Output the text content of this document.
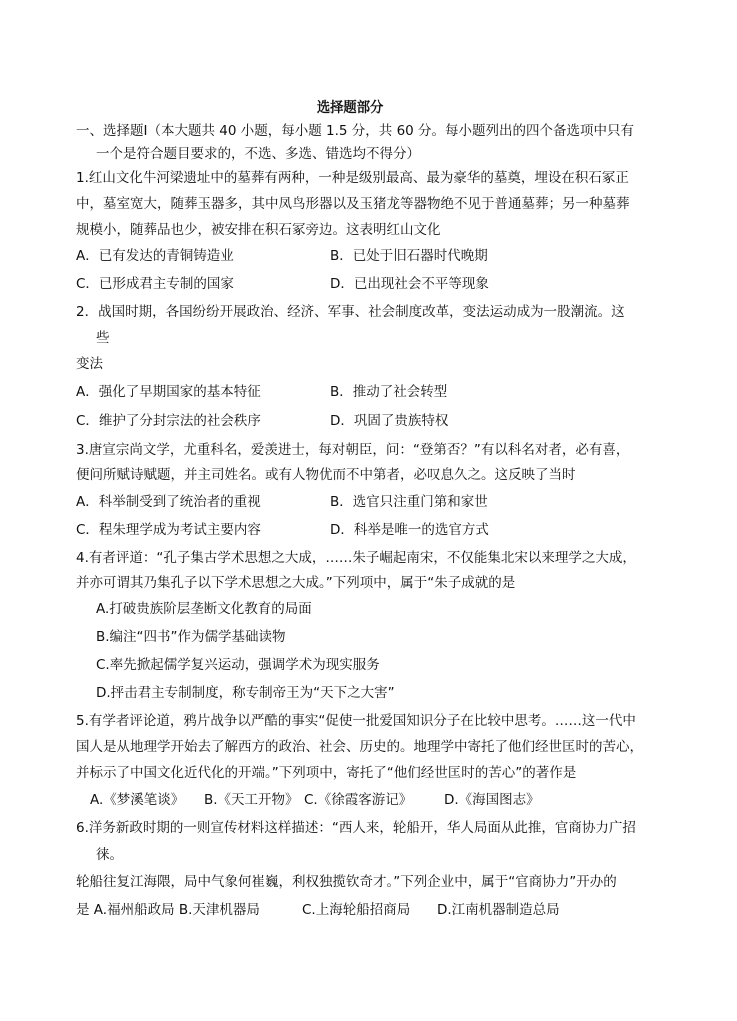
选择题部分
一、选择题Ⅰ（本大题共 40 小题，每小题 1.5 分，共 60 分。每小题列出的四个备选项中只有
一个是符合题目要求的，不选、多选、错选均不得分）
1.红山文化牛河梁遗址中的墓葬有两种，一种是级别最高、最为豪华的墓奠，埋设在积石冢正
中，墓室宽大，随葬玉器多，其中凤鸟形器以及玉猪龙等器物绝不见于普通墓葬；另一种墓葬
规模小，随葬品也少，被安排在积石冢旁边。这表明红山文化
A．已有发达的青铜铸造业	B．已处于旧石器时代晚期
C．已形成君主专制的国家	D．已出现社会不平等现象
2．战国时期，各国纷纷开展政治、经济、军事、社会制度改革，变法运动成为一股潮流。这
些
变法
A．强化了早期国家的基本特征	B．推动了社会转型
C．维护了分封宗法的社会秩序	D．巩固了贵族特权
3.唐宣宗尚文学，尤重科名，爱羡进士，每对朝臣，问：“登第否？”有以科名对者，必有喜，
便问所赋诗赋题，并主司姓名。或有人物优而不中第者，必叹息久之。这反映了当时
A．科举制受到了统治者的重视	B．选官只注重门第和家世
C．程朱理学成为考试主要内容	D．科举是唯一的选官方式
4.有者评道：“孔子集古学术思想之大成，……朱子崛起南宋，不仅能集北宋以来理学之大成，
并亦可谓其乃集孔子以下学术思想之大成。”下列项中，属于“朱子成就的是
A.打破贵族阶层垄断文化教育的局面
B.编注“四书”作为儒学基础读物
C.率先掀起儒学复兴运动，强调学术为现实服务
D.抨击君主专制制度，称专制帝王为“天下之大害”
5.有学者评论道，鸦片战争以严酷的事实“促使一批爱国知识分子在比较中思考。……这一代中
国人是从地理学开始去了解西方的政治、社会、历史的。地理学中寄托了他们经世匡时的苦心，
并标示了中国文化近代化的开端。”下列项中，寄托了“他们经世匡时的苦心”的著作是
A.《梦溪笔谈》 B.《天工开物》 C.《徐霞客游记》 D.《海国图志》
6.洋务新政时期的一则宣传材料这样描述：“西人来，轮船开，华人局面从此推，官商协力广招
徕。
轮船往复江海隈，局中气象何崔巍，利权独揽钦奇才。”下列企业中，属于“官商协力”开办的
是 A.福州船政局 B.天津机器局	C.上海轮船招商局 D.江南机器制造总局
